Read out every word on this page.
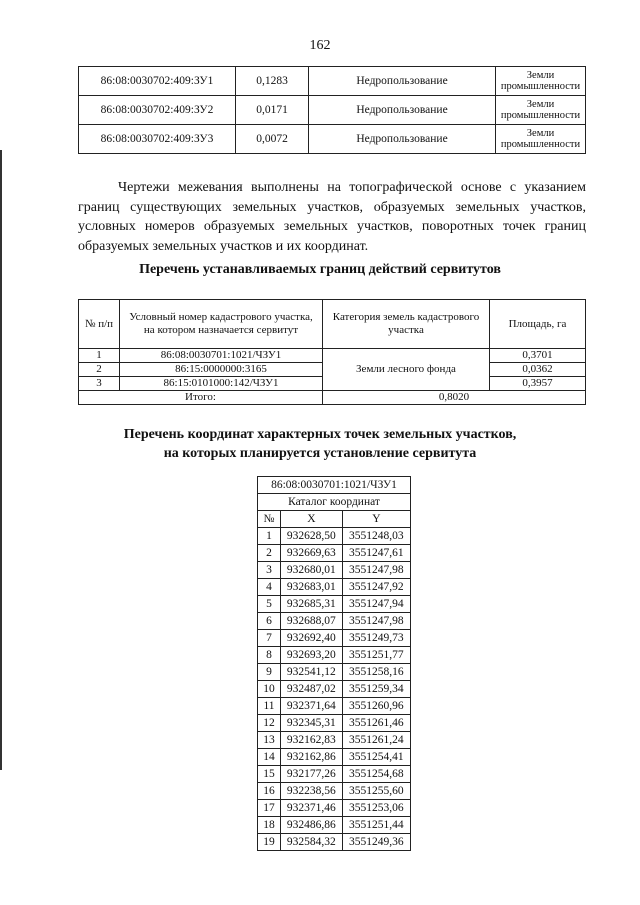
162
86:08:0030702:409:ЗУ1	0,1283	Недропользование	Земли промышленности
86:08:0030702:409:ЗУ2	0,0171	Недропользование	Земли промышленности
86:08:0030702:409:ЗУ3	0,0072	Недропользование	Земли промышленности
Чертежи межевания выполнены на топографической основе с указанием границ существующих земельных участков, образуемых земельных участков, условных номеров образуемых земельных участков, поворотных точек границ образуемых земельных участков и их координат.
Перечень устанавливаемых границ действий сервитутов
№ п/п	Условный номер кадастрового участка, на котором назначается сервитут	Категория земель кадастрового участка	Площадь, га
1	86:08:0030701:1021/ЧЗУ1	Земли лесного фонда	0,3701
2	86:15:0000000:3165		0,0362
3	86:15:0101000:142/ЧЗУ1		0,3957
Итого:		0,8020	
Перечень координат характерных точек земельных участков,
на которых планируется установление сервитута
86:08:0030701:1021/ЧЗУ1		
Каталог координат		
№	X	Y
1	932628,50	3551248,03
2	932669,63	3551247,61
3	932680,01	3551247,98
4	932683,01	3551247,92
5	932685,31	3551247,94
6	932688,07	3551247,98
7	932692,40	3551249,73
8	932693,20	3551251,77
9	932541,12	3551258,16
10	932487,02	3551259,34
11	932371,64	3551260,96
12	932345,31	3551261,46
13	932162,83	3551261,24
14	932162,86	3551254,41
15	932177,26	3551254,68
16	932238,56	3551255,60
17	932371,46	3551253,06
18	932486,86	3551251,44
19	932584,32	3551249,36
